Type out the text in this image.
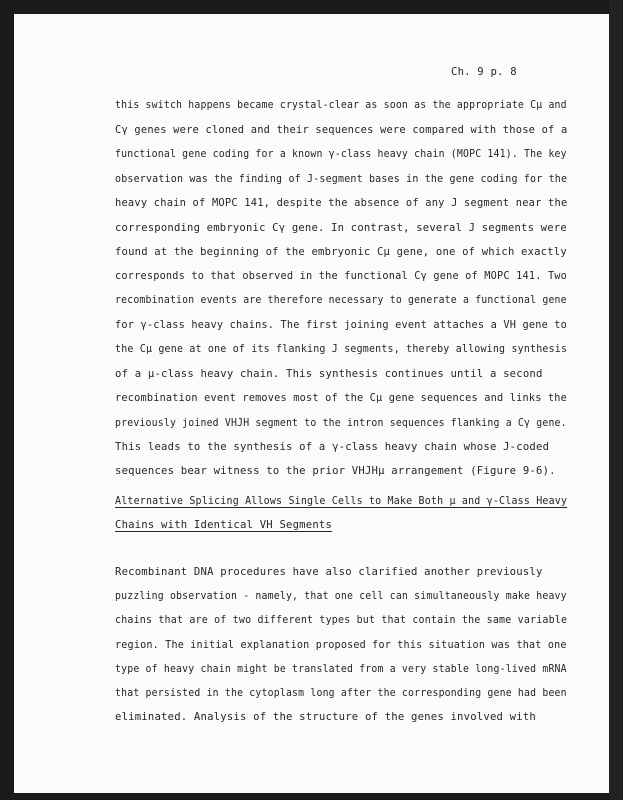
Ch. 9 p. 8
this switch happens became crystal-clear as soon as the appropriate Cμ and
Cγ genes were cloned and their sequences were compared with those of a
functional gene coding for a known γ-class heavy chain (MOPC 141). The key
observation was the finding of J-segment bases in the gene coding for the
heavy chain of MOPC 141, despite the absence of any J segment near the
corresponding embryonic Cγ gene. In contrast, several J segments were
found at the beginning of the embryonic Cμ gene, one of which exactly
corresponds to that observed in the functional Cγ gene of MOPC 141. Two
recombination events are therefore necessary to generate a functional gene
for γ-class heavy chains. The first joining event attaches a VH gene to
the Cμ gene at one of its flanking J segments, thereby allowing synthesis
of a μ-class heavy chain. This synthesis continues until a second
recombination event removes most of the Cμ gene sequences and links the
previously joined VHJH segment to the intron sequences flanking a Cγ gene.
This leads to the synthesis of a γ-class heavy chain whose J-coded
sequences bear witness to the prior VHJHμ arrangement (Figure 9-6).
Alternative Splicing Allows Single Cells to Make Both μ and γ-Class Heavy
Chains with Identical VH Segments
Recombinant DNA procedures have also clarified another previously
puzzling observation - namely, that one cell can simultaneously make heavy
chains that are of two different types but that contain the same variable
region. The initial explanation proposed for this situation was that one
type of heavy chain might be translated from a very stable long-lived mRNA
that persisted in the cytoplasm long after the corresponding gene had been
eliminated. Analysis of the structure of the genes involved with
